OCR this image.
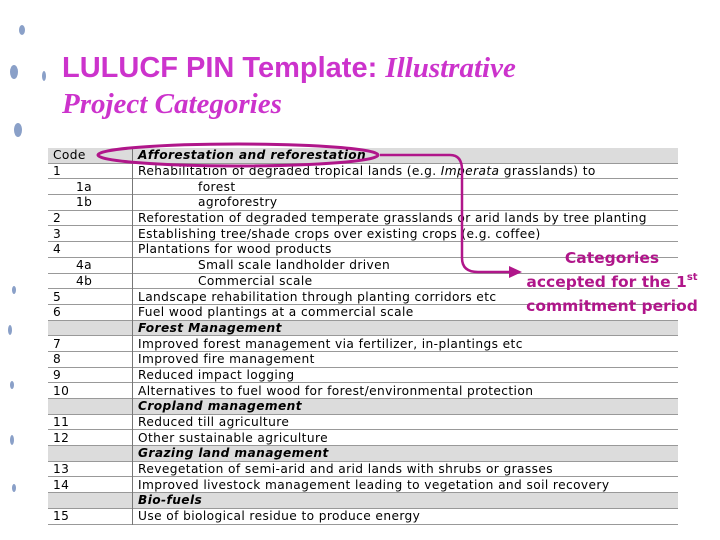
LULUCF PIN Template: Illustrative
Project Categories
Code	Afforestation and reforestation
1	Rehabilitation of degraded tropical lands (e.g. Imperata grasslands) to
1a	forest
1b	agroforestry
2	Reforestation of degraded temperate grasslands or arid lands by tree planting
3	Establishing tree/shade crops over existing crops (e.g. coffee)
4	Plantations for wood products
4a	Small scale landholder driven
4b	Commercial scale
5	Landscape rehabilitation through planting corridors etc
6	Fuel wood plantings at a commercial scale
	Forest Management
7	Improved forest management via fertilizer, in-plantings etc
8	Improved fire management
9	Reduced impact logging
10	Alternatives to fuel wood for forest/environmental protection
	Cropland management
11	Reduced till agriculture
12	Other sustainable agriculture
	Grazing land management
13	Revegetation of semi-arid and arid lands with shrubs or grasses
14	Improved livestock management leading to vegetation and soil recovery
	Bio-fuels
15	Use of biological residue to produce energy
Categories
accepted for the 1st
commitment period
